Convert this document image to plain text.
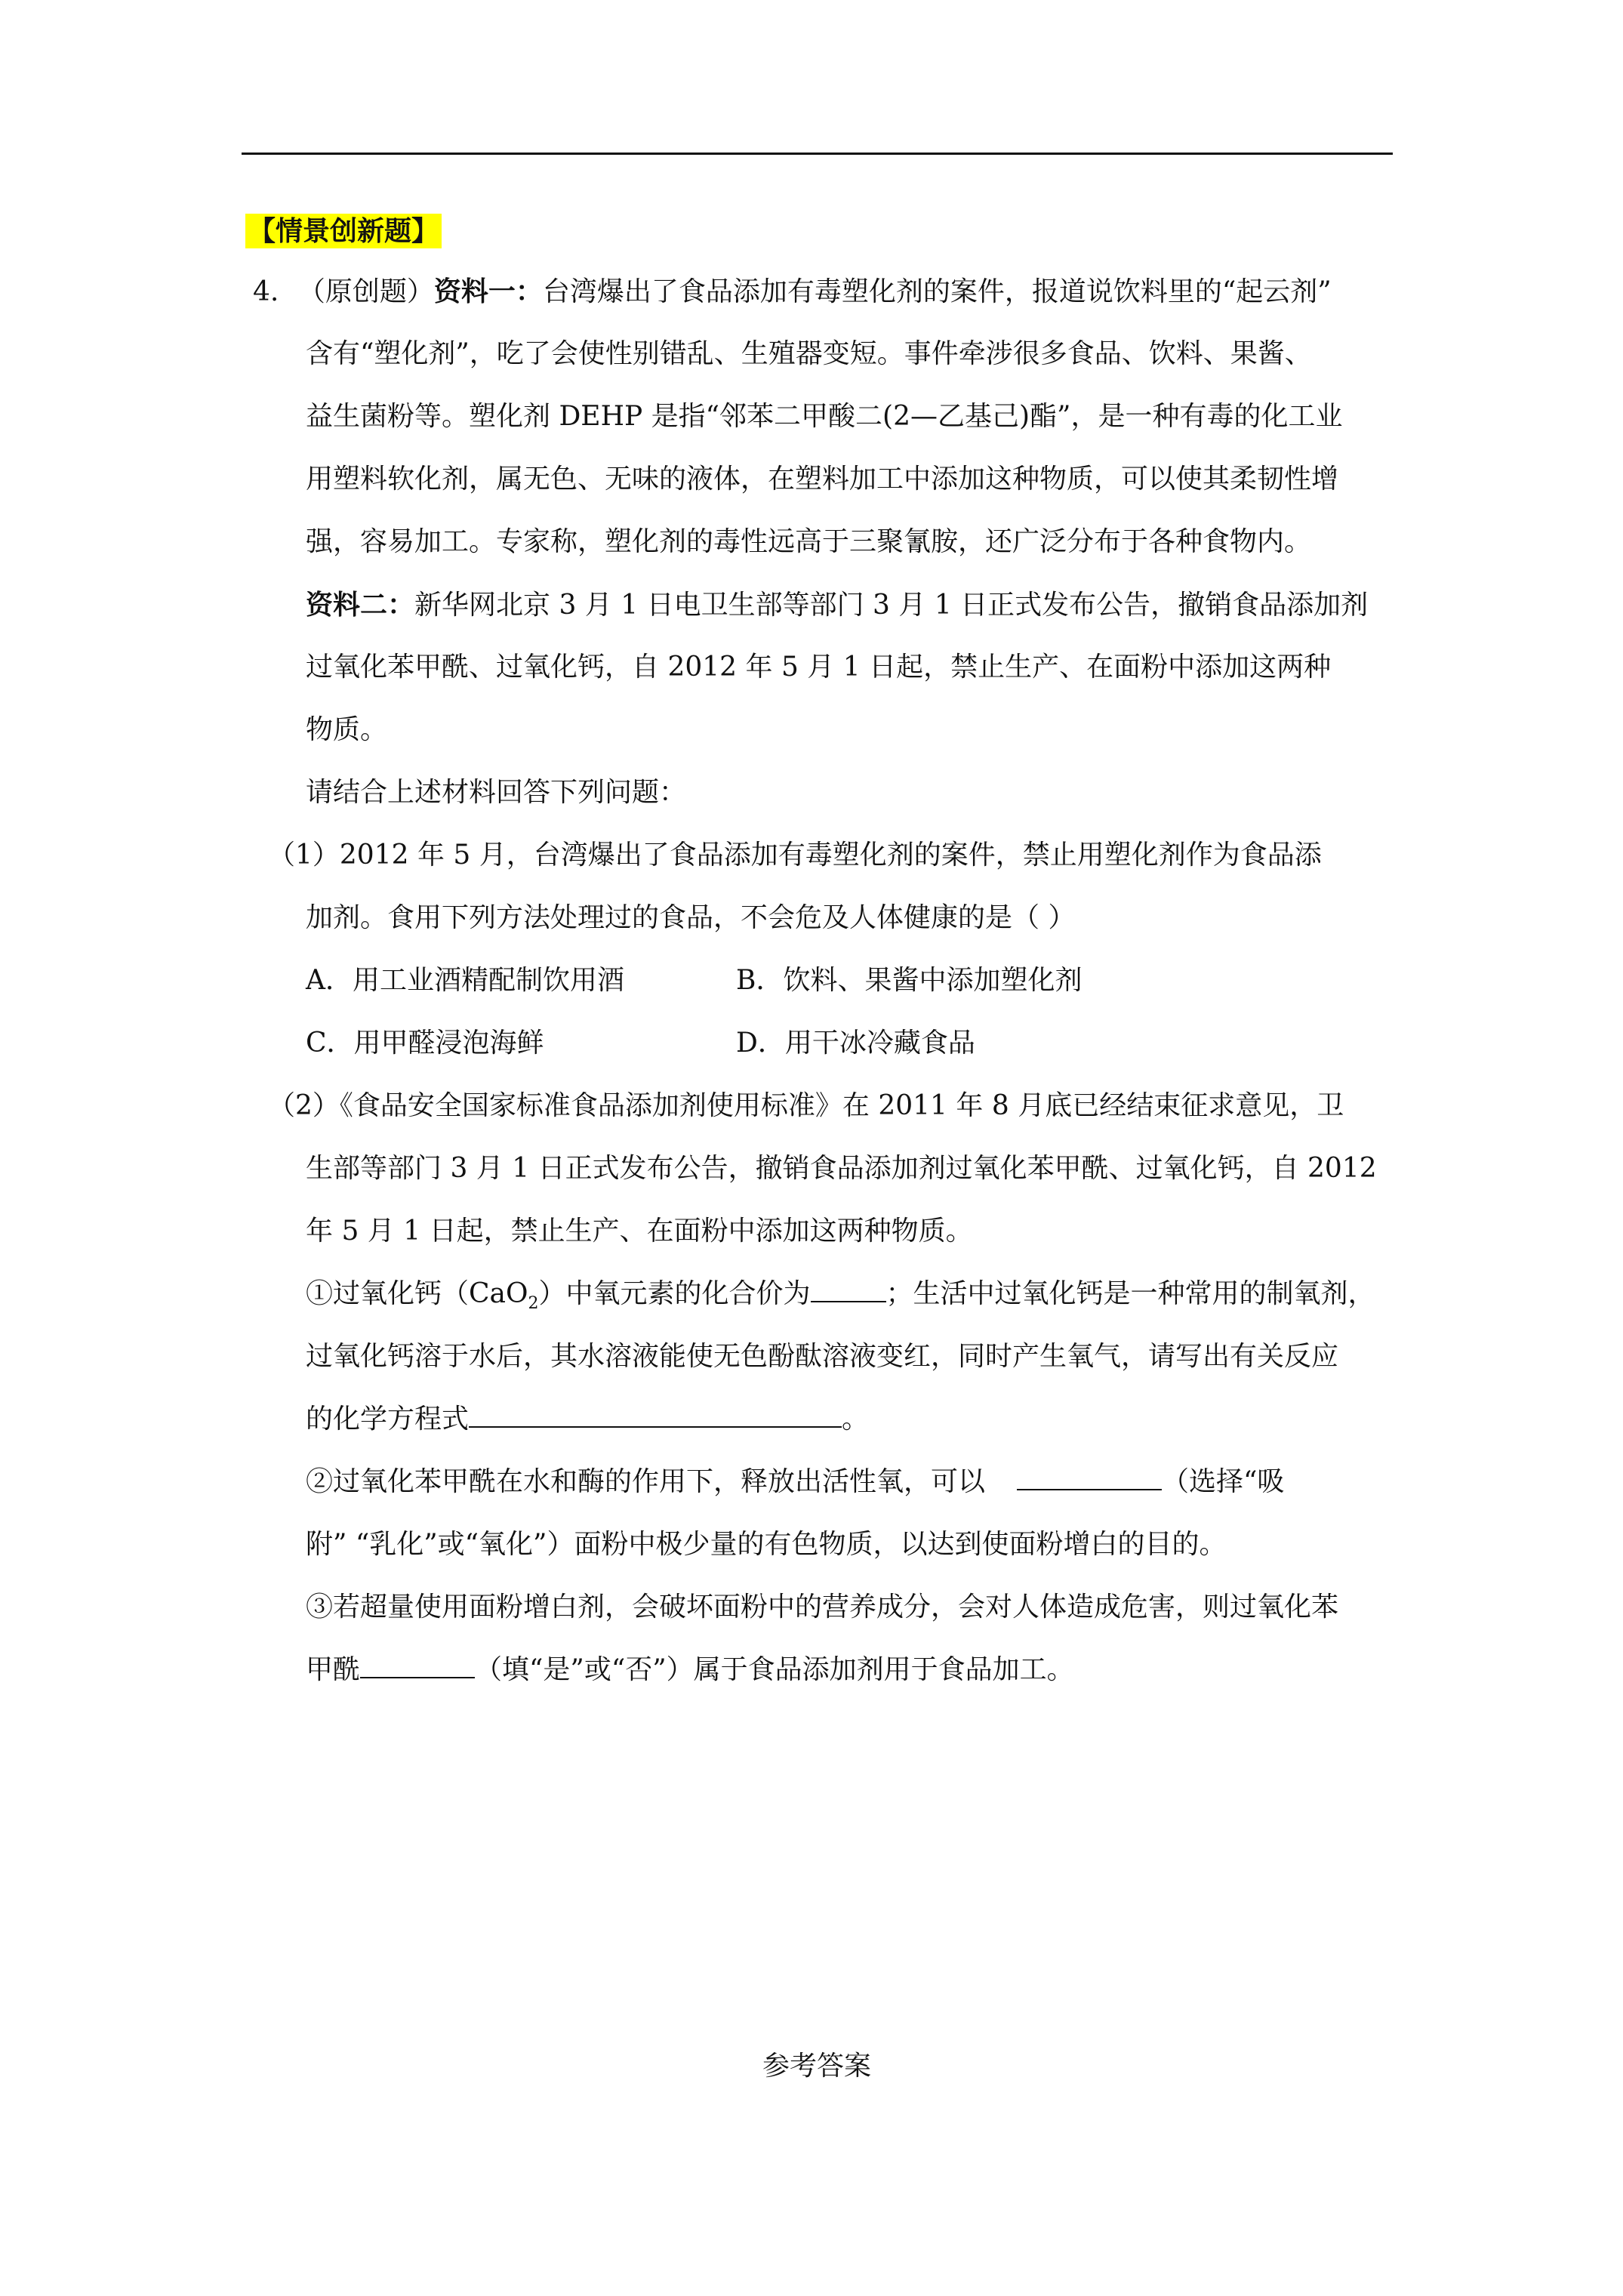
【情景创新题】
4. （原创题）资料一：台湾爆出了食品添加有毒塑化剂的案件，报道说饮料里的“起云剂”
含有“塑化剂”，吃了会使性别错乱、生殖器变短。事件牵涉很多食品、饮料、果酱、
益生菌粉等。塑化剂 DEHP 是指“邻苯二甲酸二(2—乙基己)酯”，是一种有毒的化工业
用塑料软化剂，属无色、无味的液体，在塑料加工中添加这种物质，可以使其柔韧性增
强，容易加工。专家称，塑化剂的毒性远高于三聚氰胺，还广泛分布于各种食物内。
资料二：新华网北京 3 月 1 日电卫生部等部门 3 月 1 日正式发布公告，撤销食品添加剂
过氧化苯甲酰、过氧化钙，自 2012 年 5 月 1 日起，禁止生产、在面粉中添加这两种
物质。
请结合上述材料回答下列问题：
（1）2012 年 5 月，台湾爆出了食品添加有毒塑化剂的案件，禁止用塑化剂作为食品添
加剂。食用下列方法处理过的食品，不会危及人体健康的是（ ）
A．用工业酒精配制饮用酒	B．饮料、果酱中添加塑化剂
C．用甲醛浸泡海鲜	D．用干冰冷藏食品
（2）《食品安全国家标准食品添加剂使用标准》在 2011 年 8 月底已经结束征求意见，卫
生部等部门 3 月 1 日正式发布公告，撤销食品添加剂过氧化苯甲酰、过氧化钙，自 2012
年 5 月 1 日起，禁止生产、在面粉中添加这两种物质。
①过氧化钙（CaO$_2$）中氧元素的化合价为	；生活中过氧化钙是一种常用的制氧剂，
过氧化钙溶于水后，其水溶液能使无色酚酞溶液变红，同时产生氧气，请写出有关反应
的化学方程式	。
②过氧化苯甲酰在水和酶的作用下，释放出活性氧，可以	（选择“吸
附” “乳化”或“氧化”）面粉中极少量的有色物质，以达到使面粉增白的目的。
③若超量使用面粉增白剂，会破坏面粉中的营养成分，会对人体造成危害，则过氧化苯
甲酰	（填“是”或“否”）属于食品添加剂用于食品加工。
参考答案
